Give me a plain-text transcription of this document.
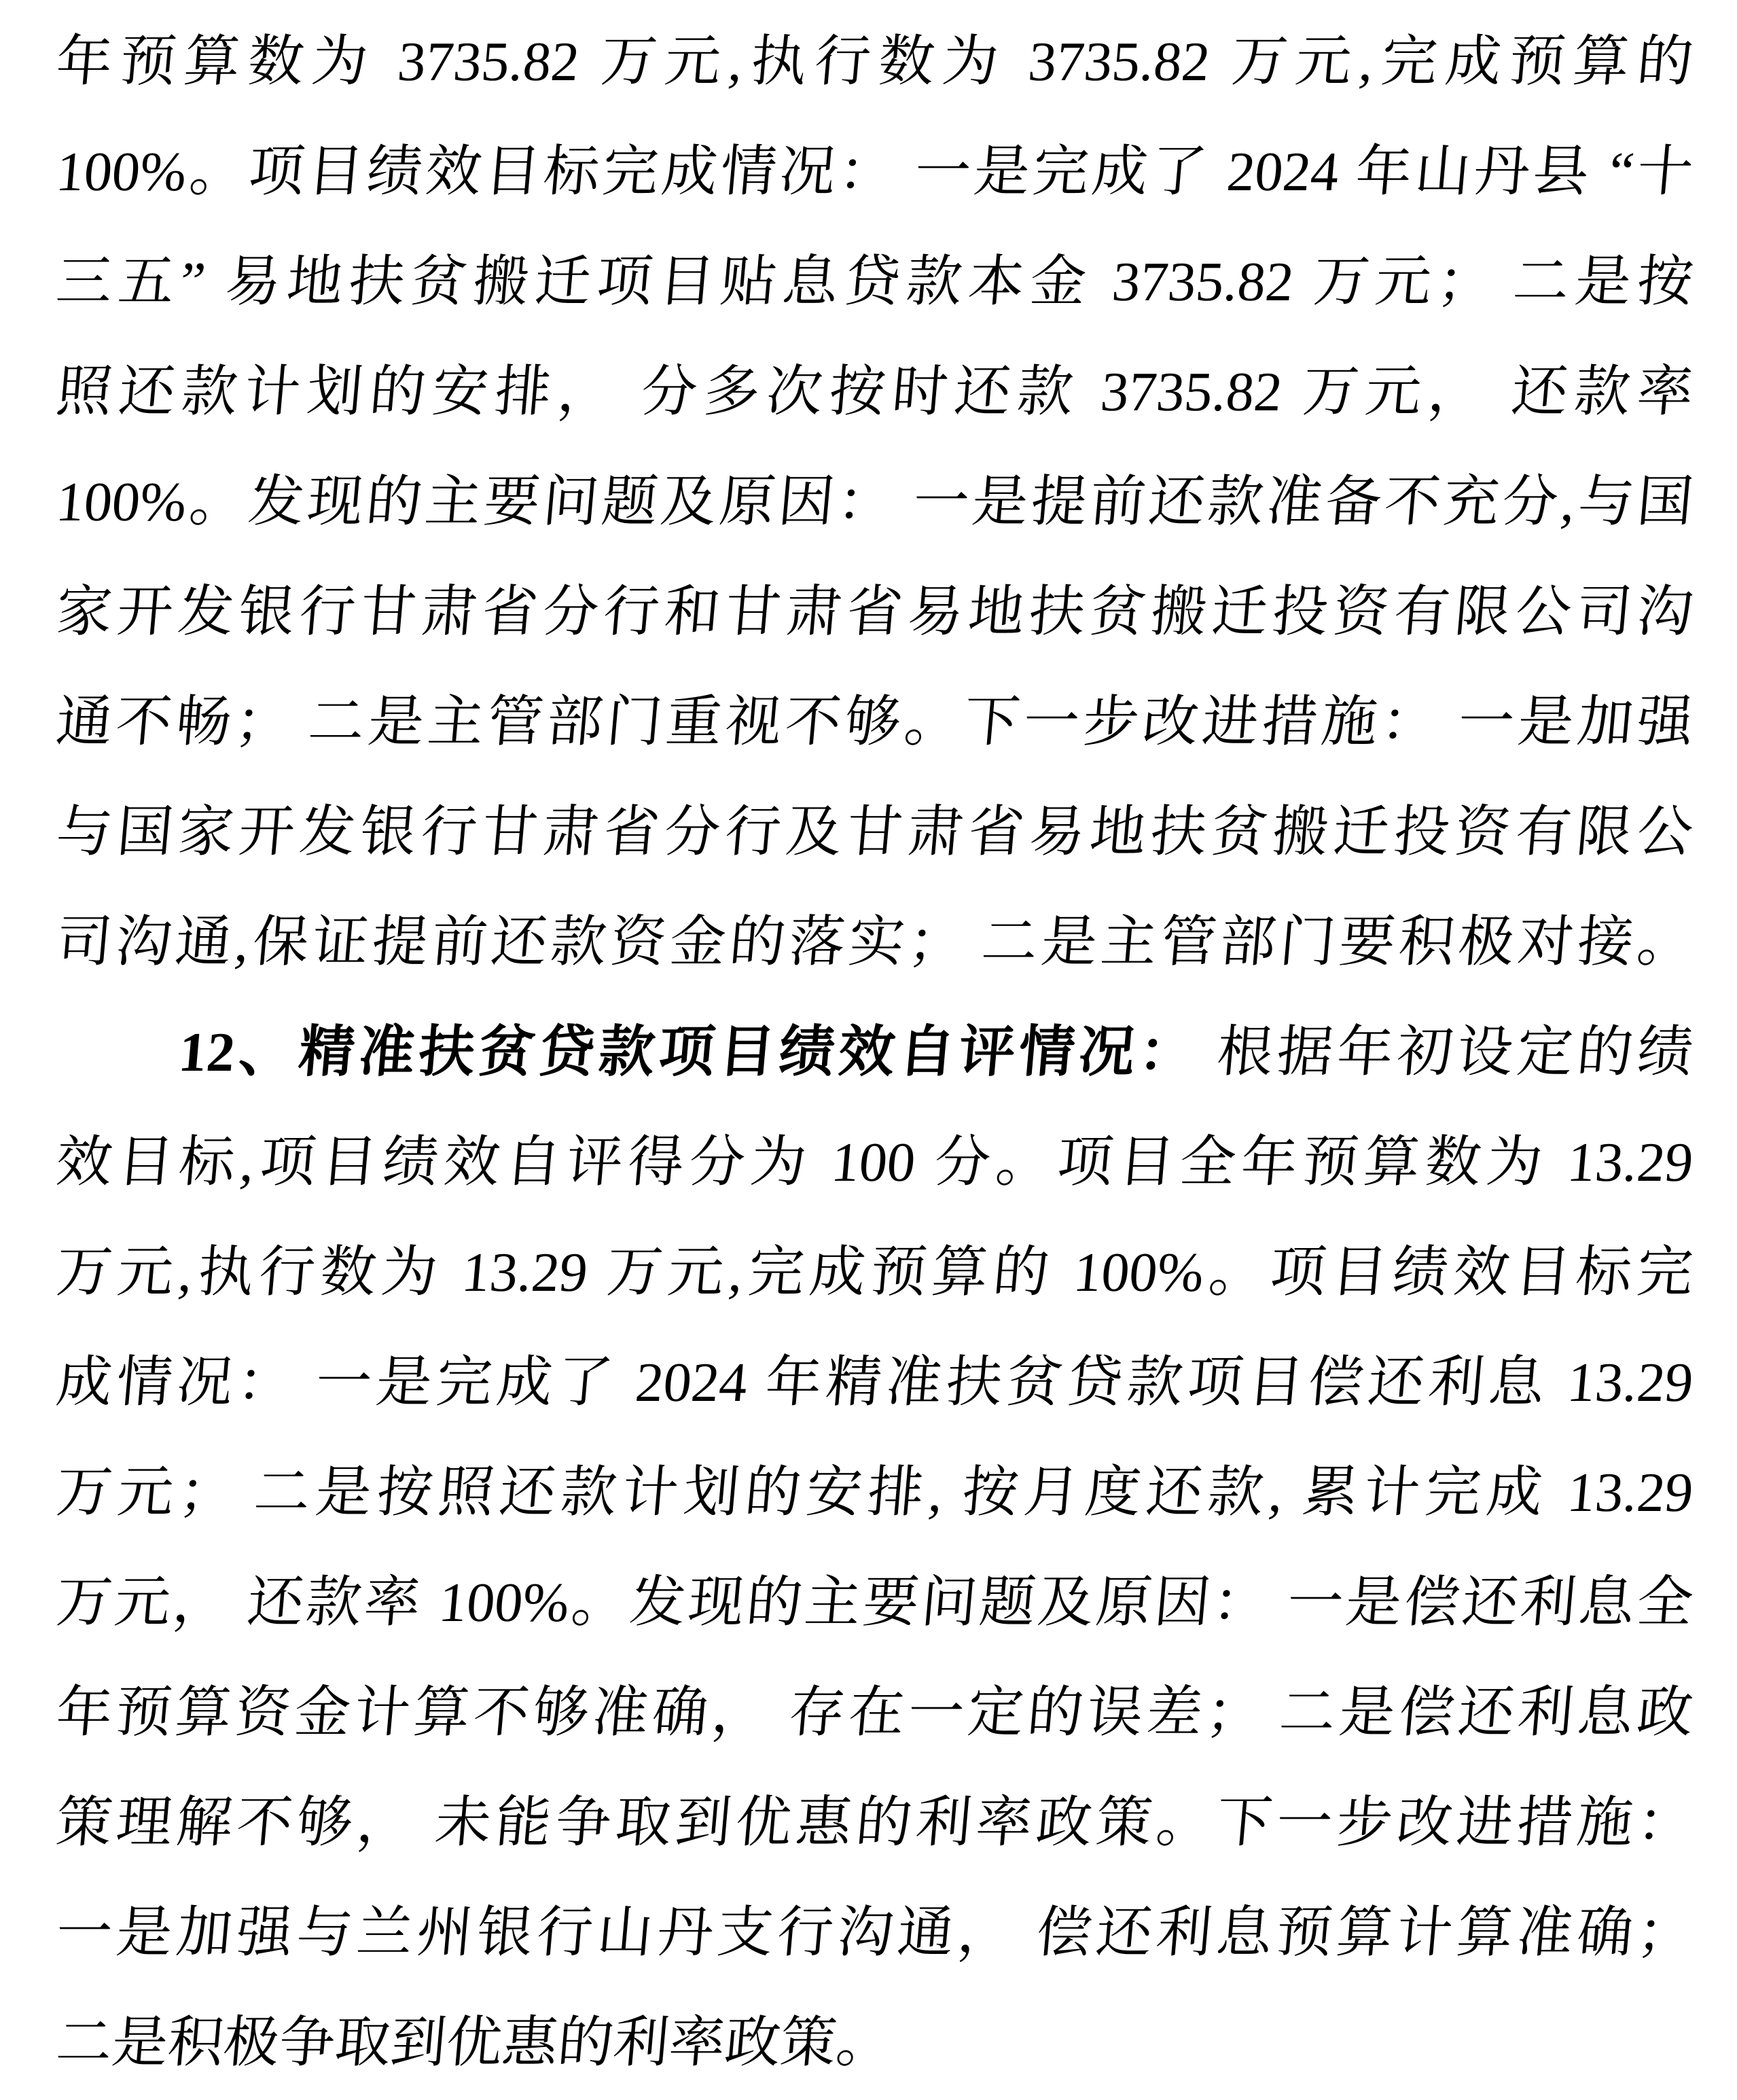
年预算数为 3735.82 万元,执行数为 3735.82 万元,完成预算的
100%。项目绩效目标完成情况： 一是完成了 2024 年山丹县 “十
三五” 易地扶贫搬迁项目贴息贷款本金 3735.82 万元； 二是按
照还款计划的安排， 分多次按时还款 3735.82 万元， 还款率
100%。发现的主要问题及原因： 一是提前还款准备不充分,与国
家开发银行甘肃省分行和甘肃省易地扶贫搬迁投资有限公司沟
通不畅； 二是主管部门重视不够。下一步改进措施： 一是加强
与国家开发银行甘肃省分行及甘肃省易地扶贫搬迁投资有限公
司沟通,保证提前还款资金的落实； 二是主管部门要积极对接。
12、精准扶贫贷款项目绩效自评情况： 根据年初设定的绩
效目标,项目绩效自评得分为 100 分。项目全年预算数为 13.29
万元,执行数为 13.29 万元,完成预算的 100%。项目绩效目标完
成情况： 一是完成了 2024 年精准扶贫贷款项目偿还利息 13.29
万元； 二是按照还款计划的安排, 按月度还款, 累计完成 13.29
万元， 还款率 100%。发现的主要问题及原因： 一是偿还利息全
年预算资金计算不够准确， 存在一定的误差； 二是偿还利息政
策理解不够， 未能争取到优惠的利率政策。下一步改进措施：
一是加强与兰州银行山丹支行沟通， 偿还利息预算计算准确；
二是积极争取到优惠的利率政策。
